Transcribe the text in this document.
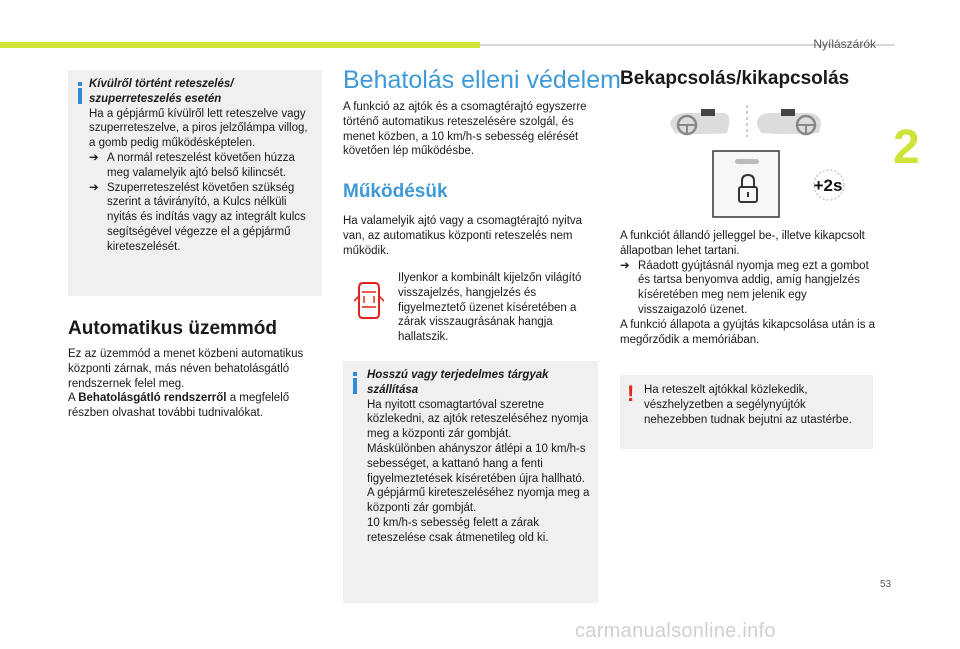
Nyílászárók
2
Kívülről történt reteszelés/ szuperreteszelés esetén
Ha a gépjármű kívülről lett reteszelve vagy szuperreteszelve, a piros jelzőlámpa villog, a gomb pedig működésképtelen.
➔ A normál reteszelést követően húzza meg valamelyik ajtó belső kilincsét.
➔ Szuperreteszelést követően szükség szerint a távirányító, a Kulcs nélküli nyitás és indítás vagy az integrált kulcs segítségével végezze el a gépjármű kireteszelését.
Automatikus üzemmód
Ez az üzemmód a menet közbeni automatikus központi zárnak, más néven behatolásgátló rendszernek felel meg.
A Behatolásgátló rendszerről a megfelelő részben olvashat további tudnivalókat.
Behatolás elleni védelem
A funkció az ajtók és a csomagtérajtó egyszerre történő automatikus reteszelésére szolgál, és menet közben, a 10 km/h-s sebesség elérését követően lép működésbe.
Működésük
Ha valamelyik ajtó vagy a csomagtérajtó nyitva van, az automatikus központi reteszelés nem működik.
Ilyenkor a kombinált kijelzőn világító visszajelzés, hangjelzés és figyelmeztető üzenet kíséretében a zárak visszaugrásának hangja hallatszik.
Hosszú vagy terjedelmes tárgyak szállítása
Ha nyitott csomagtartóval szeretne közlekedni, az ajtók reteszeléséhez nyomja meg a központi zár gombját.
Máskülönben ahányszor átlépi a 10 km/h-s sebességet, a kattanó hang a fenti figyelmeztetések kíséretében újra hallható.
A gépjármű kireteszeléséhez nyomja meg a központi zár gombját.
10 km/h-s sebesség felett a zárak reteszelése csak átmenetileg old ki.
Bekapcsolás/kikapcsolás
+2s
A funkciót állandó jelleggel be-, illetve kikapcsolt állapotban lehet tartani.
➔ Ráadott gyújtásnál nyomja meg ezt a gombot és tartsa benyomva addig, amíg hangjelzés kíséretében meg nem jelenik egy visszaigazoló üzenet.
A funkció állapota a gyújtás kikapcsolása után is a megőrződik a memóriában.
! Ha reteszelt ajtókkal közlekedik, vészhelyzetben a segélynyújtók nehezebben tudnak bejutni az utastérbe.
53
carmanualsonline.info
